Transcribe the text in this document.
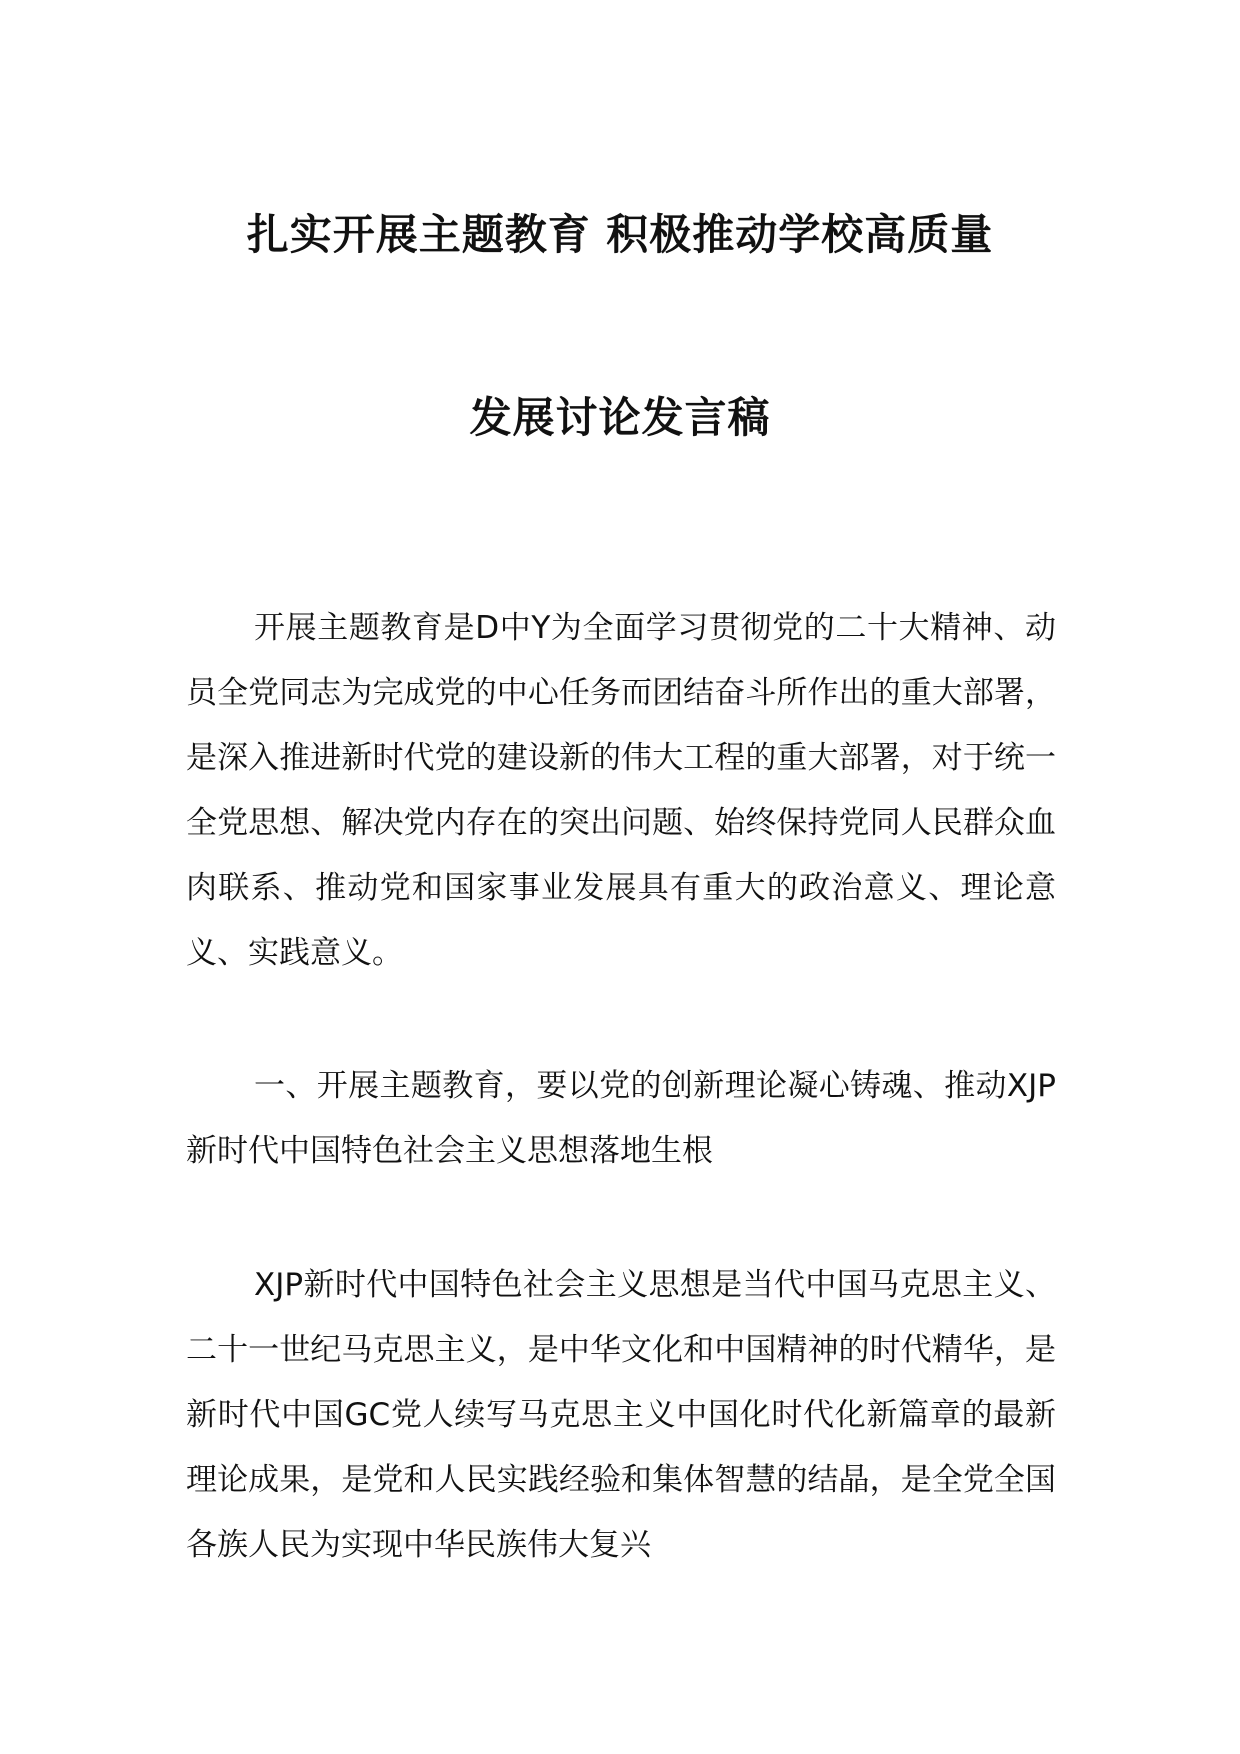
扎实开展主题教育 积极推动学校高质量
发展讨论发言稿

开展主题教育是D中Y为全面学习贯彻党的二十大精神、动员全党同志为完成党的中心任务而团结奋斗所作出的重大部署，是深入推进新时代党的建设新的伟大工程的重大部署，对于统一全党思想、解决党内存在的突出问题、始终保持党同人民群众血肉联系、推动党和国家事业发展具有重大的政治意义、理论意义、实践意义。

一、开展主题教育，要以党的创新理论凝心铸魂、推动XJP新时代中国特色社会主义思想落地生根

XJP新时代中国特色社会主义思想是当代中国马克思主义、二十一世纪马克思主义，是中华文化和中国精神的时代精华，是新时代中国GC党人续写马克思主义中国化时代化新篇章的最新理论成果，是党和人民实践经验和集体智慧的结晶，是全党全国各族人民为实现中华民族伟大复兴
